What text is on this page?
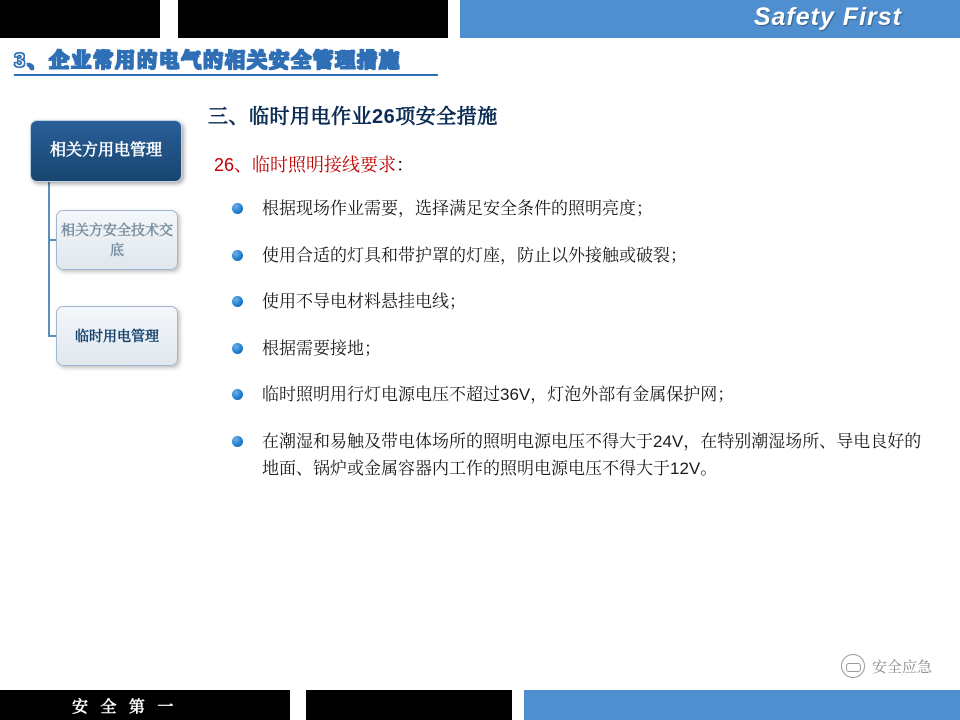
Safety First
3、企业常用的电气的相关安全管理措施
相关方用电管理
相关方安全技术交底
临时用电管理
三、临时用电作业26项安全措施
26、临时照明接线要求：
根据现场作业需要，选择满足安全条件的照明亮度；
使用合适的灯具和带护罩的灯座，防止以外接触或破裂；
使用不导电材料悬挂电线；
根据需要接地；
临时照明用行灯电源电压不超过36V，灯泡外部有金属保护网；
在潮湿和易触及带电体场所的照明电源电压不得大于24V，在特别潮湿场所、导电良好的地面、锅炉或金属容器内工作的照明电源电压不得大于12V。
安全应急
安 全 第 一
